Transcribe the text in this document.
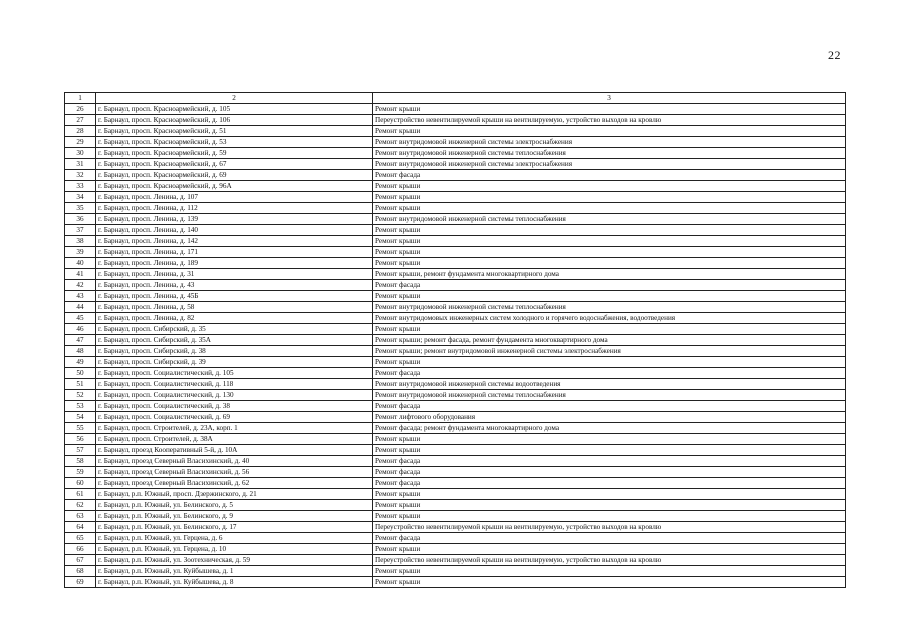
22
1	2	3
26	г. Барнаул, просп. Красноармейский, д. 105	Ремонт крыши
27	г. Барнаул, просп. Красноармейский, д. 106	Переустройство невентилируемой крыши на вентилируемую, устройство выходов на кровлю
28	г. Барнаул, просп. Красноармейский, д. 51	Ремонт крыши
29	г. Барнаул, просп. Красноармейский, д. 53	Ремонт внутридомовой инженерной системы электроснабжения
30	г. Барнаул, просп. Красноармейский, д. 59	Ремонт внутридомовой инженерной системы теплоснабжения
31	г. Барнаул, просп. Красноармейский, д. 67	Ремонт внутридомовой инженерной системы электроснабжения
32	г. Барнаул, просп. Красноармейский, д. 69	Ремонт фасада
33	г. Барнаул, просп. Красноармейский, д. 96А	Ремонт крыши
34	г. Барнаул, просп. Ленина, д. 107	Ремонт крыши
35	г. Барнаул, просп. Ленина, д. 112	Ремонт крыши
36	г. Барнаул, просп. Ленина, д. 139	Ремонт внутридомовой инженерной системы теплоснабжения
37	г. Барнаул, просп. Ленина, д. 140	Ремонт крыши
38	г. Барнаул, просп. Ленина, д. 142	Ремонт крыши
39	г. Барнаул, просп. Ленина, д. 171	Ремонт крыши
40	г. Барнаул, просп. Ленина, д. 189	Ремонт крыши
41	г. Барнаул, просп. Ленина, д. 31	Ремонт крыши, ремонт фундамента многоквартирного дома
42	г. Барнаул, просп. Ленина, д. 43	Ремонт фасада
43	г. Барнаул, просп. Ленина, д. 45Б	Ремонт крыши
44	г. Барнаул, просп. Ленина, д. 58	Ремонт внутридомовой инженерной системы теплоснабжения
45	г. Барнаул, просп. Ленина, д. 82	Ремонт внутридомовых инженерных систем холодного и горячего водоснабжения, водоотведения
46	г. Барнаул, просп. Сибирский, д. 35	Ремонт крыши
47	г. Барнаул, просп. Сибирский, д. 35А	Ремонт крыши; ремонт фасада, ремонт фундамента многоквартирного дома
48	г. Барнаул, просп. Сибирский, д. 38	Ремонт крыши; ремонт внутридомовой инженерной системы электроснабжения
49	г. Барнаул, просп. Сибирский, д. 39	Ремонт крыши
50	г. Барнаул, просп. Социалистический, д. 105	Ремонт фасада
51	г. Барнаул, просп. Социалистический, д. 118	Ремонт внутридомовой инженерной системы водоотведения
52	г. Барнаул, просп. Социалистический, д. 130	Ремонт внутридомовой инженерной системы теплоснабжения
53	г. Барнаул, просп. Социалистический, д. 38	Ремонт фасада
54	г. Барнаул, просп. Социалистический, д. 69	Ремонт лифтового оборудования
55	г. Барнаул, просп. Строителей, д. 23А, корп. 1	Ремонт фасада; ремонт фундамента многоквартирного дома
56	г. Барнаул, просп. Строителей, д. 38А	Ремонт крыши
57	г. Барнаул, проезд Кооперативный 5-й, д. 10А	Ремонт крыши
58	г. Барнаул, проезд Северный Власихинский, д. 40	Ремонт фасада
59	г. Барнаул, проезд Северный Власихинский, д. 56	Ремонт фасада
60	г. Барнаул, проезд Северный Власихинский, д. 62	Ремонт фасада
61	г. Барнаул, р.п. Южный, просп. Дзержинского, д. 21	Ремонт крыши
62	г. Барнаул, р.п. Южный, ул. Белинского, д. 5	Ремонт крыши
63	г. Барнаул, р.п. Южный, ул. Белинского, д. 9	Ремонт крыши
64	г. Барнаул, р.п. Южный, ул. Белинского, д. 17	Переустройство невентилируемой крыши на вентилируемую, устройство выходов на кровлю
65	г. Барнаул, р.п. Южный, ул. Герцена, д. 6	Ремонт фасада
66	г. Барнаул, р.п. Южный, ул. Герцена, д. 10	Ремонт крыши
67	г. Барнаул, р.п. Южный, ул. Зоотехническая, д. 59	Переустройство невентилируемой крыши на вентилируемую, устройство выходов на кровлю
68	г. Барнаул, р.п. Южный, ул. Куйбышева, д. 1	Ремонт крыши
69	г. Барнаул, р.п. Южный, ул. Куйбышева, д. 8	Ремонт крыши
